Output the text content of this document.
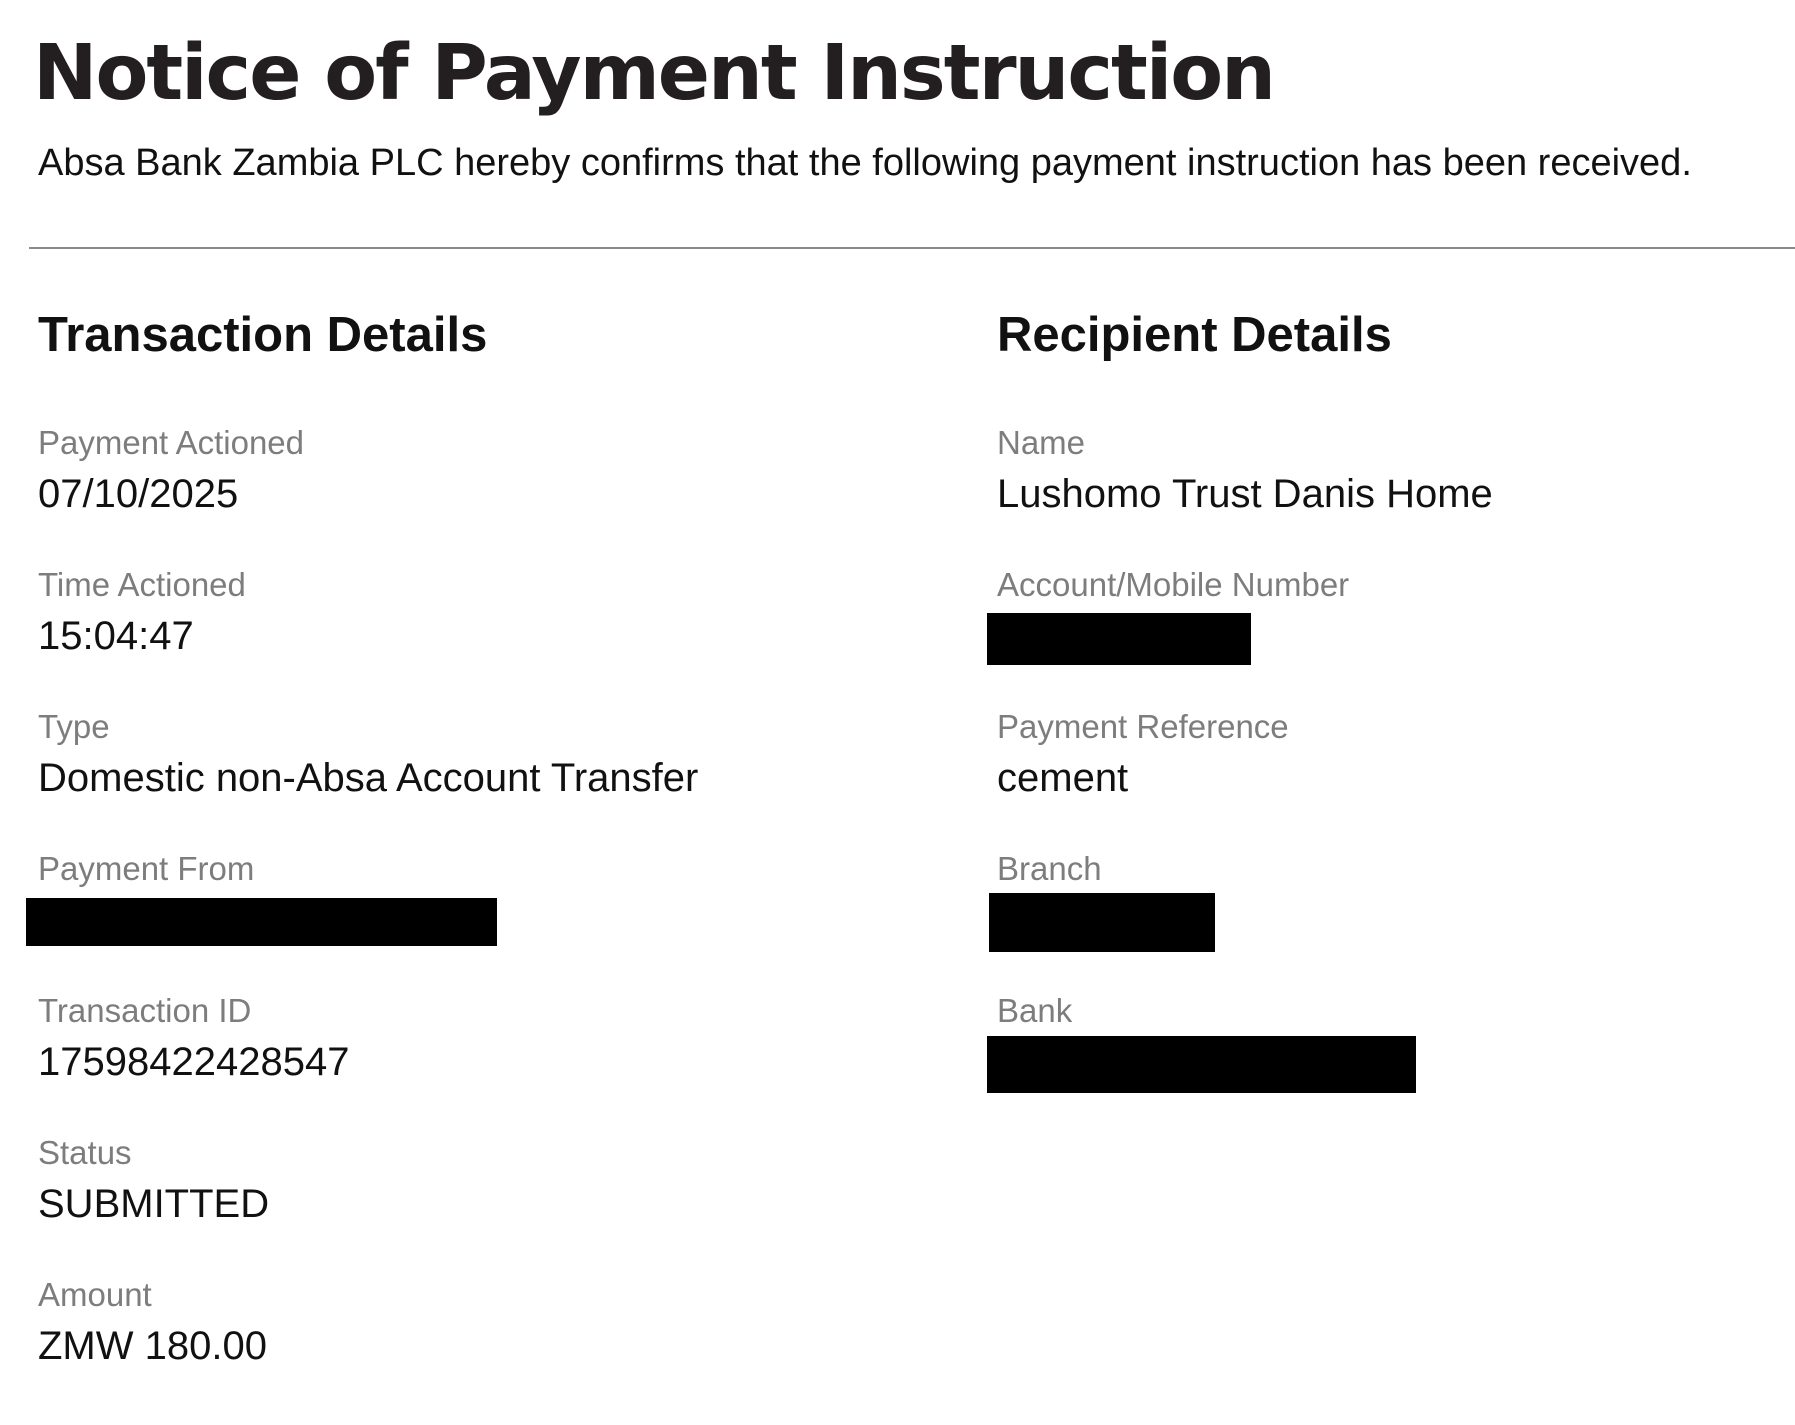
Notice of Payment Instruction

Absa Bank Zambia PLC hereby confirms that the following payment instruction has been received.

Transaction Details
Payment Actioned
07/10/2025
Time Actioned
15:04:47
Type
Domestic non-Absa Account Transfer
Payment From
Transaction ID
17598422428547
Status
SUBMITTED
Amount
ZMW 180.00
Recipient Details
Name
Lushomo Trust Danis Home
Account/Mobile Number
Payment Reference
cement
Branch
Bank
